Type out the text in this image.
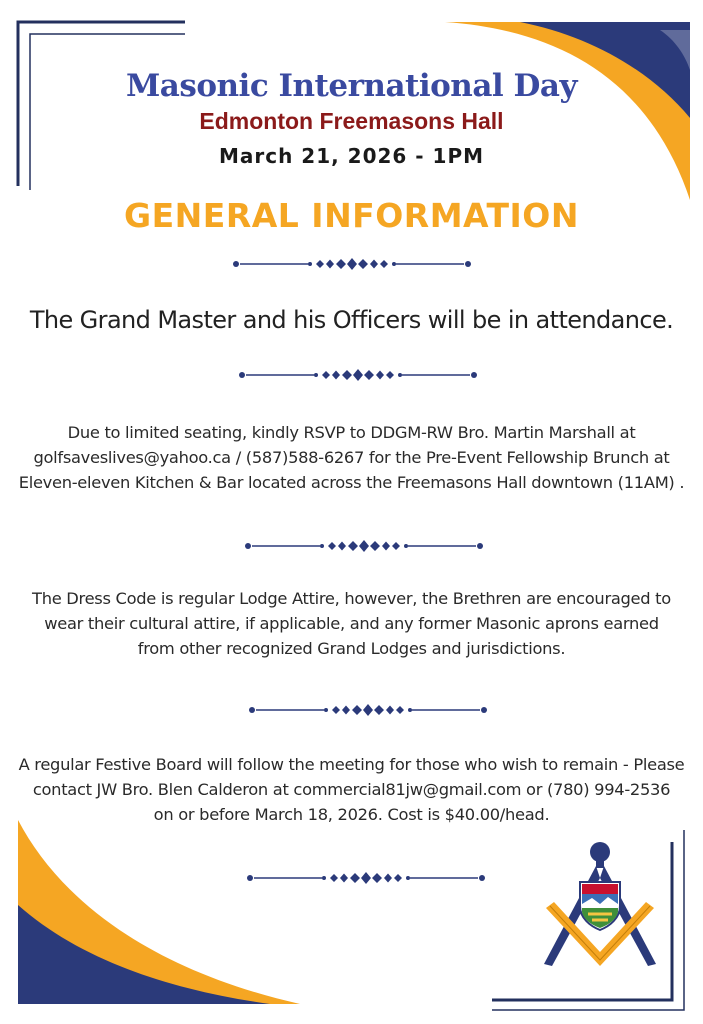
Masonic International Day
Edmonton Freemasons Hall
March 21, 2026 - 1PM
GENERAL INFORMATION
The Grand Master and his Officers will be in attendance.
Due to limited seating, kindly RSVP to DDGM-RW Bro. Martin Marshall at
golfsaveslives@yahoo.ca / (587)588-6267 for the Pre-Event Fellowship Brunch at
Eleven-eleven Kitchen & Bar located across the Freemasons Hall downtown (11AM) .
The Dress Code is regular Lodge Attire, however, the Brethren are encouraged to
wear their cultural attire, if applicable, and any former Masonic aprons earned
from other recognized Grand Lodges and jurisdictions.
A regular Festive Board will follow the meeting for those who wish to remain - Please
contact JW Bro. Blen Calderon at commercial81jw@gmail.com or (780) 994-2536
on or before March 18, 2026. Cost is $40.00/head.
